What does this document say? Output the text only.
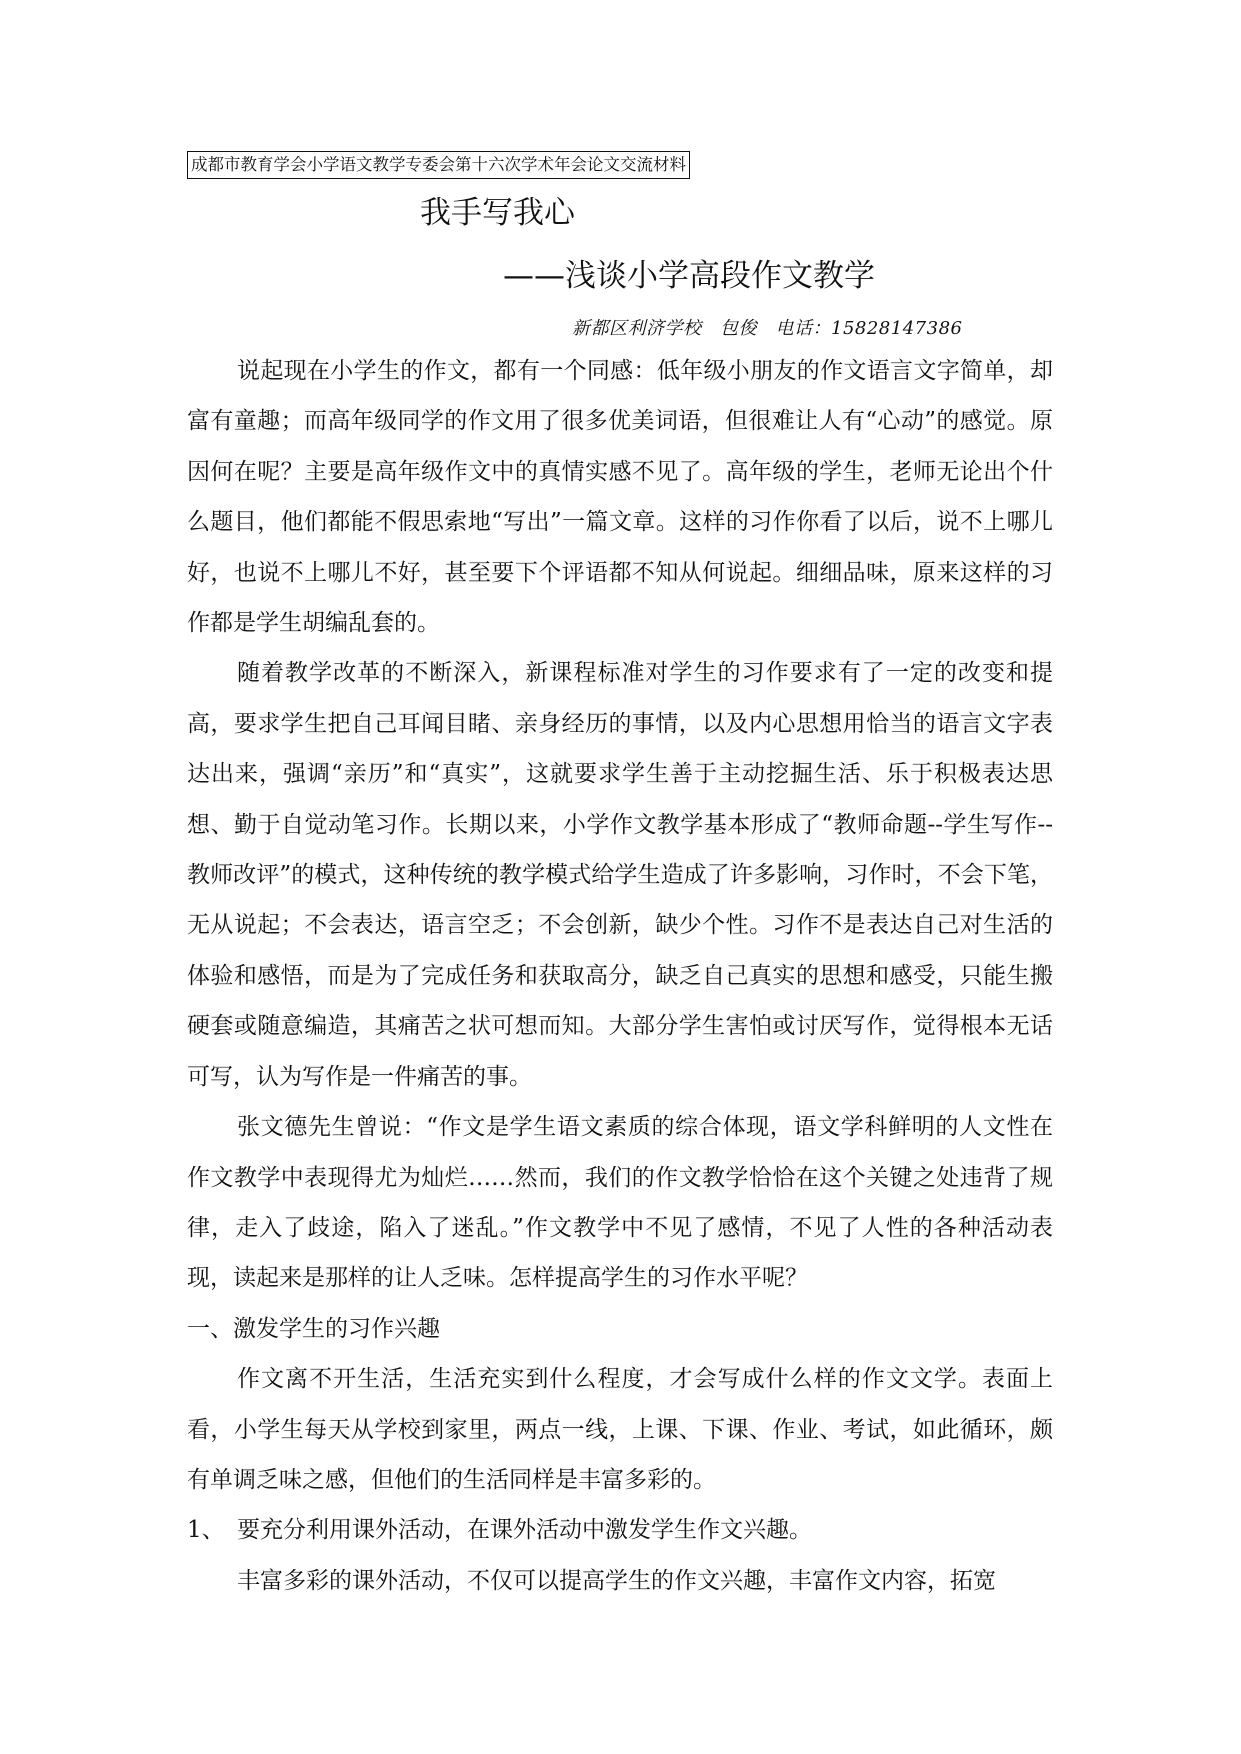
成都市教育学会小学语文教学专委会第十六次学术年会论文交流材料
我手写我心
——浅谈小学高段作文教学
新都区利济学校　包俊　电话：15828147386

说起现在小学生的作文，都有一个同感：低年级小朋友的作文语言文字简单，却富有童趣；而高年级同学的作文用了很多优美词语，但很难让人有“心动”的感觉。原因何在呢？主要是高年级作文中的真情实感不见了。高年级的学生，老师无论出个什么题目，他们都能不假思索地“写出”一篇文章。这样的习作你看了以后，说不上哪儿好，也说不上哪儿不好，甚至要下个评语都不知从何说起。细细品味，原来这样的习作都是学生胡编乱套的。

随着教学改革的不断深入，新课程标准对学生的习作要求有了一定的改变和提高，要求学生把自己耳闻目睹、亲身经历的事情，以及内心思想用恰当的语言文字表达出来，强调“亲历”和“真实”，这就要求学生善于主动挖掘生活、乐于积极表达思想、勤于自觉动笔习作。长期以来，小学作文教学基本形成了“教师命题--学生写作--教师改评”的模式，这种传统的教学模式给学生造成了许多影响，习作时，不会下笔，无从说起；不会表达，语言空乏；不会创新，缺少个性。习作不是表达自己对生活的体验和感悟，而是为了完成任务和获取高分，缺乏自己真实的思想和感受，只能生搬硬套或随意编造，其痛苦之状可想而知。大部分学生害怕或讨厌写作，觉得根本无话可写，认为写作是一件痛苦的事。

张文德先生曾说：“作文是学生语文素质的综合体现，语文学科鲜明的人文性在作文教学中表现得尤为灿烂……然而，我们的作文教学恰恰在这个关键之处违背了规律，走入了歧途，陷入了迷乱。”作文教学中不见了感情，不见了人性的各种活动表现，读起来是那样的让人乏味。怎样提高学生的习作水平呢？

一、激发学生的习作兴趣

作文离不开生活，生活充实到什么程度，才会写成什么样的作文文学。表面上看，小学生每天从学校到家里，两点一线，上课、下课、作业、考试，如此循环，颇有单调乏味之感，但他们的生活同样是丰富多彩的。

1、 要充分利用课外活动，在课外活动中激发学生作文兴趣。

丰富多彩的课外活动，不仅可以提高学生的作文兴趣，丰富作文内容，拓宽
